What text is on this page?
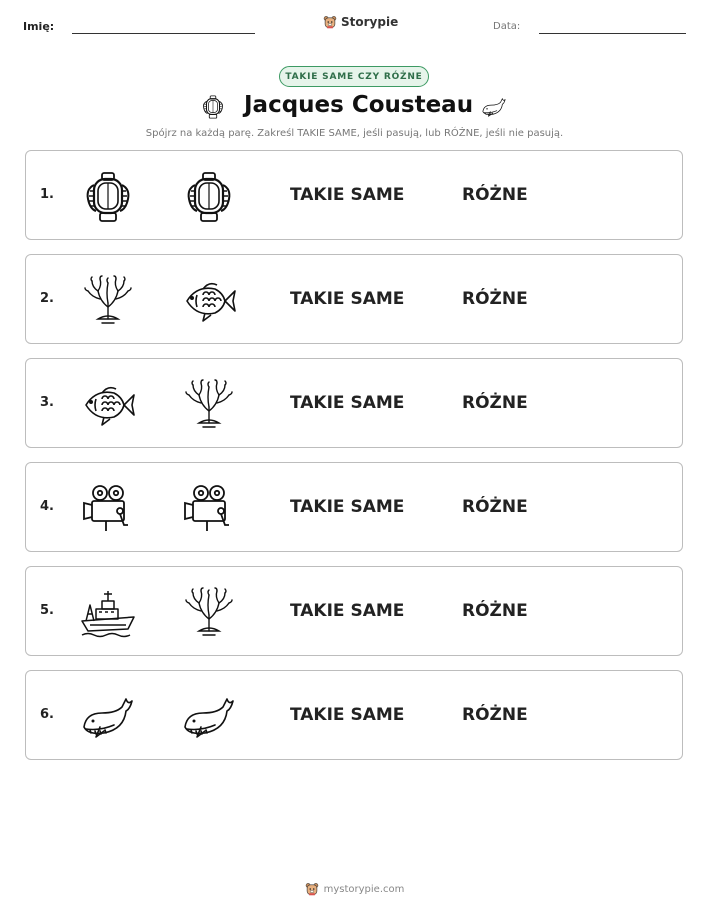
Imię:	Storypie	Data:
TAKIE SAME CZY RÓŻNE
Jacques Cousteau
Spójrz na każdą parę. Zakreśl TAKIE SAME, jeśli pasują, lub RÓŻNE, jeśli nie pasują.
1.	TAKIE SAME	RÓŻNE
2.	TAKIE SAME	RÓŻNE
3.	TAKIE SAME	RÓŻNE
4.	TAKIE SAME	RÓŻNE
5.	TAKIE SAME	RÓŻNE
6.	TAKIE SAME	RÓŻNE
mystorypie.com
